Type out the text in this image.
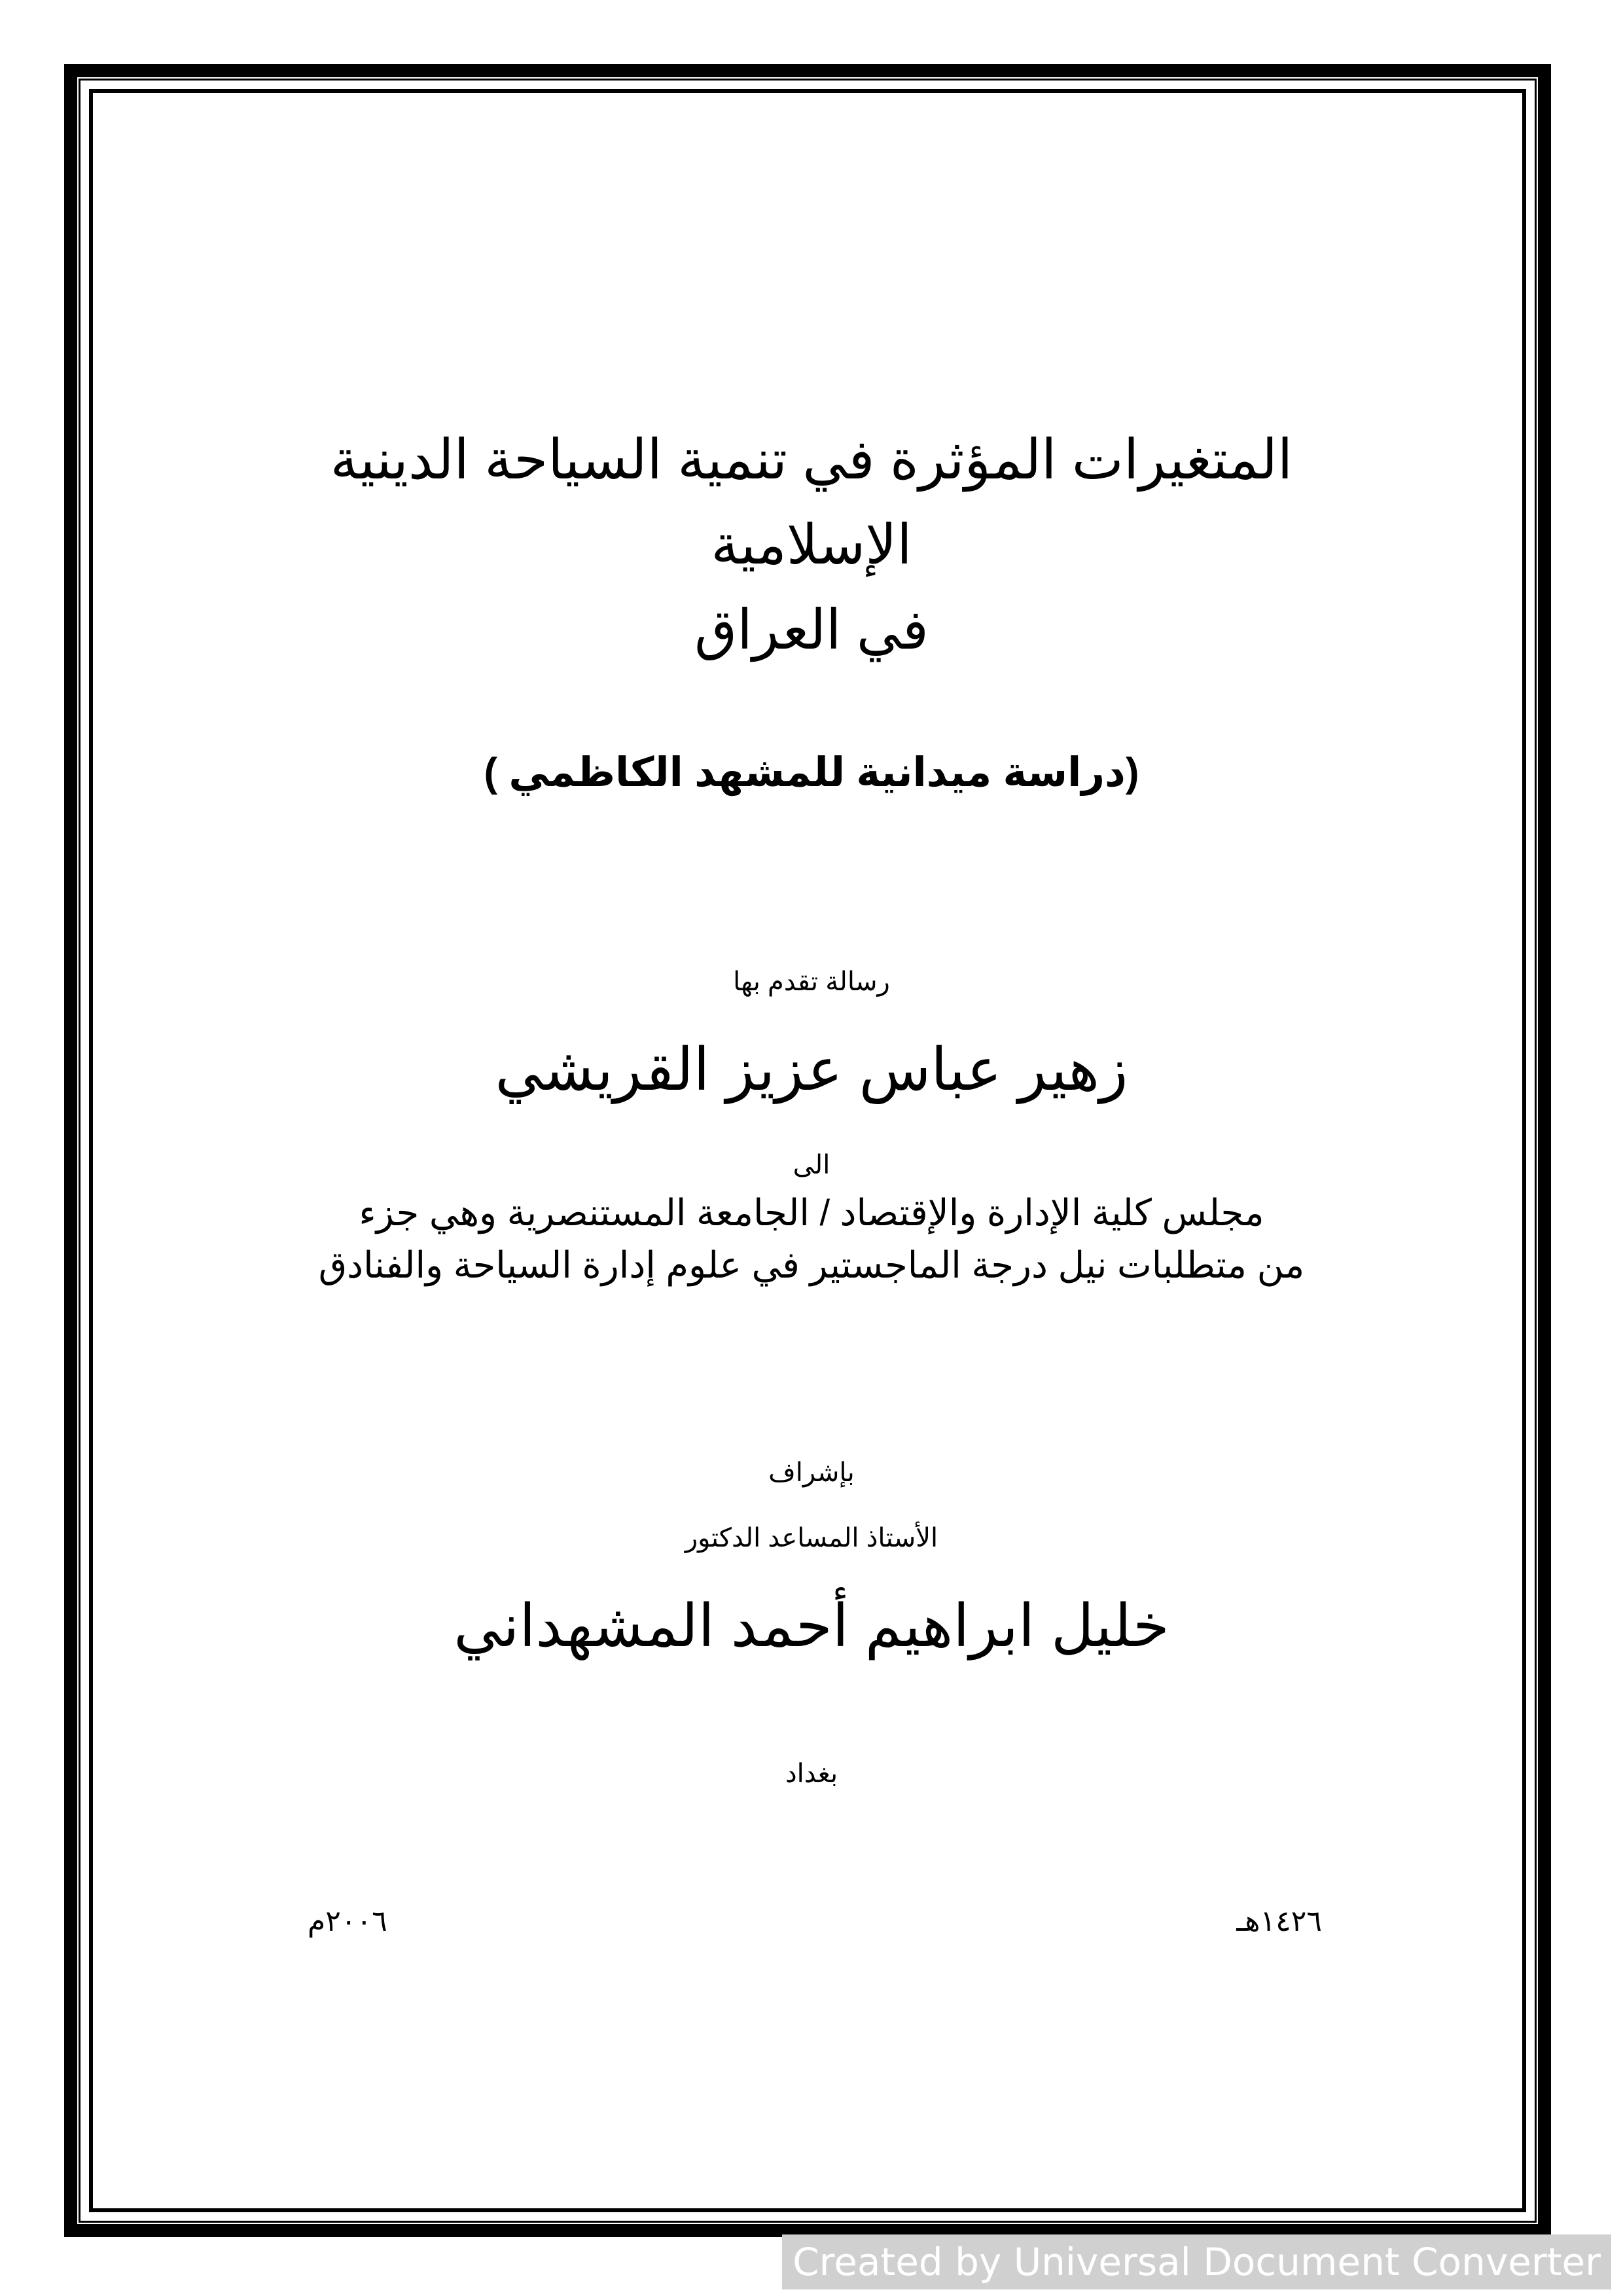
المتغيرات المؤثرة في تنمية السياحة الدينية
الإسلامية
في العراق
(دراسة ميدانية للمشهد الكاظمي )
رسالة تقدم بها
زهير عباس عزيز القريشي
الى
مجلس كلية الإدارة والإقتصاد / الجامعة المستنصرية وهي جزء
من متطلبات نيل درجة الماجستير في علوم إدارة السياحة والفنادق
بإشراف
الأستاذ المساعد الدكتور
خليل ابراهيم أحمد المشهداني
بغداد
١٤٢٦هـ
٢٠٠٦م
Created by Universal Document Converter
